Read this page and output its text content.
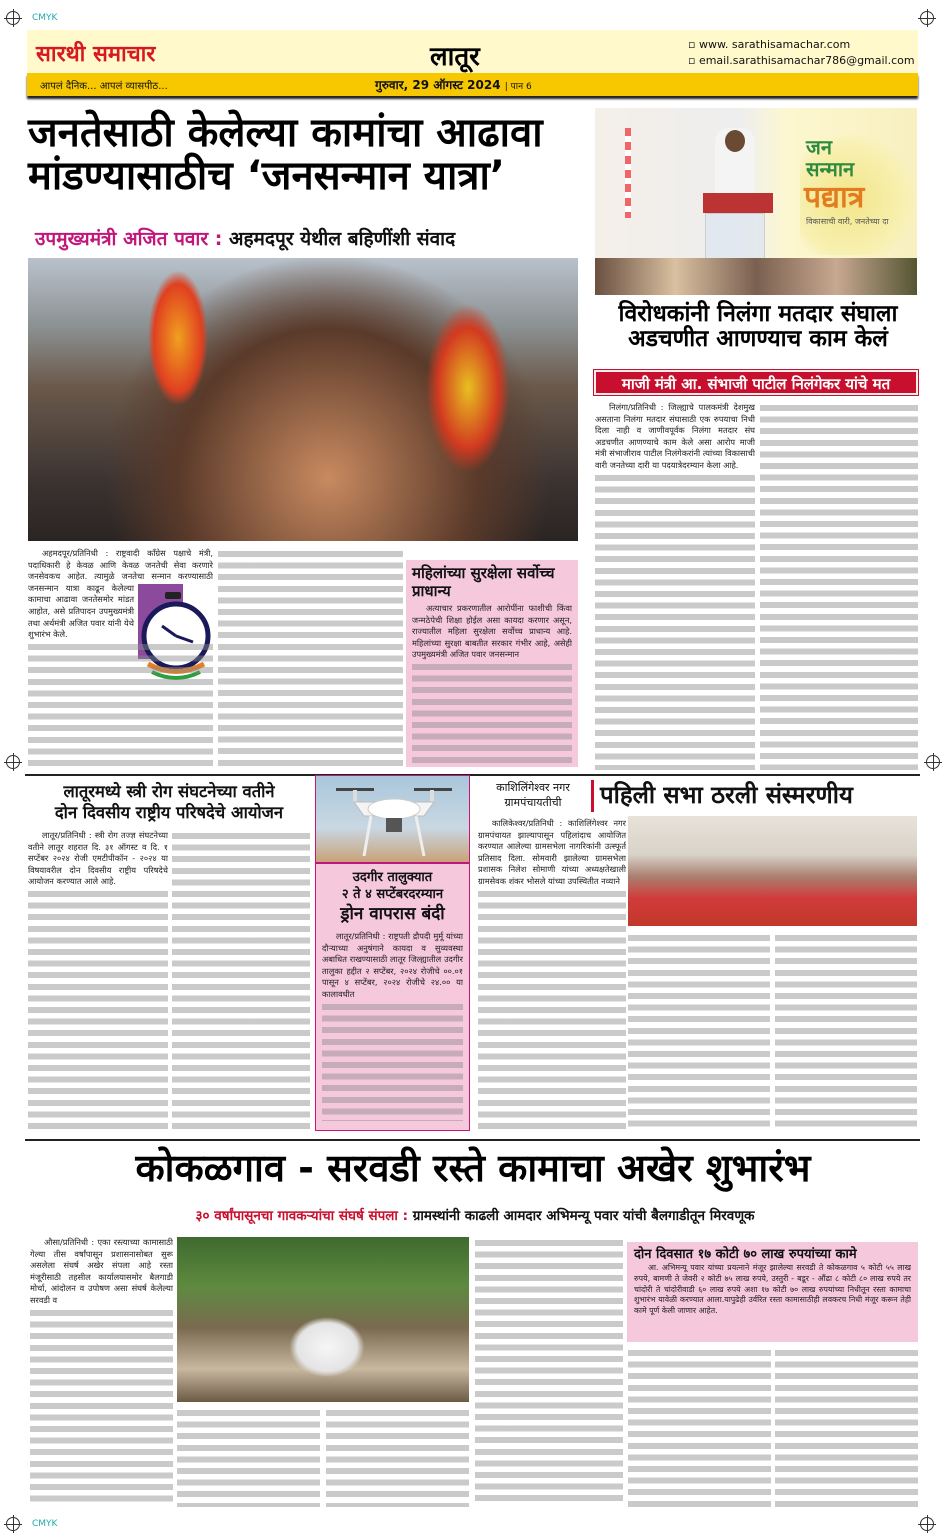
CMYK
CMYK
सारथी समाचार	लातूर	▫ www. sarathisamachar.com
▫ email.sarathisamachar786@gmail.com
आपलं दैनिक... आपलं व्यासपीठ...	गुरुवार, 29 ऑगस्ट 2024 | पान 6
जनतेसाठी केलेल्या कामांचा आढावा
मांडण्यासाठीच ‘जनसन्मान यात्रा’
उपमुख्यमंत्री अजित पवार : अहमदपूर येथील बहिणींशी संवाद

अहमदपूर/प्रतिनिधी : राष्ट्रवादी कॉंग्रेस पक्षाचे मंत्री, पदाधिकारी हे केवळ आणि केवळ जनतेची सेवा करणारे जनसेवकच आहेत. त्यामुळे जनतेचा सन्मान करण्यासाठी जनसन्मान यात्रा काढून केलेल्या कामाचा आढावा जनतेसमोर मांडत आहोत, असे प्रतिपादन उपमुख्यमंत्री तथा अर्थमंत्री अजित पवार यांनी येथे शुभारंभ केले.

महिलांच्या सुरक्षेला सर्वोच्च प्राधान्य

अत्याचार प्रकरणातील आरोपींना फाशीची किंवा जन्मठेपेची शिक्षा होईल असा कायदा करणार असून, राज्यातील महिला सुरक्षेला सर्वोच्च प्राधान्य आहे. महिलांच्या सुरक्षा बाबतीत सरकार गंभीर आहे, असेही उपमुख्यमंत्री अजित पवार जनसन्मान

जन
सन्मान
पद्यात्र
विकासाची वारी, जनतेच्या दा
विरोधकांनी निलंगा मतदार संघाला
अडचणीत आणण्याच काम केलं
माजी मंत्री आ. संभाजी पाटील निलंगेकर यांचे मत

निलंगा/प्रतिनिधी : जिल्ह्याचे पालकमंत्री देशमुख असताना निलंगा मतदार संघासाठी एक रुपयाचा निधी दिला नाही व जाणीवपूर्वक निलंगा मतदार संघ अडचणीत आणण्याचे काम केले असा आरोप माजी मंत्री संभाजीराव पाटील निलंगेकरांनी त्यांच्या विकासाची वारी जनतेच्या दारी या पदयात्रेदरम्यान केला आहे.

लातूरमध्ये स्त्री रोग संघटनेच्या वतीने
दोन दिवसीय राष्ट्रीय परिषदेचे आयोजन

लातूर/प्रतिनिधी : स्त्री रोग तज्ज्ञ संघटनेच्या वतीने लातूर शहरात दि. ३१ ऑगस्ट व दि. १ सप्टेंबर २०२४ रोजी एमटीपीकॉन - २०२४ या विषयावरील दोन दिवसीय राष्ट्रीय परिषदेचे आयोजन करण्यात आले आहे.	उदगीर तालुक्यात
२ ते ४ सप्टेंबरदरम्यान
ड्रोन वापरास बंदी

लातूर/प्रतिनिधी : राष्ट्रपती द्रौपदी मुर्मू यांच्या दौऱ्याच्या अनुषंगाने कायदा व सुव्यवस्था अबाधित राखण्यासाठी लातूर जिल्ह्यातील उदगीर तालुका हद्दीत २ सप्टेंबर, २०२४ रोजीचे ००.०१ पासून ४ सप्टेंबर, २०२४ रोजीचे २४.०० या कालावधीत

काशिलिंगेश्वर नगर
ग्रामपंचायतीची	पहिली सभा ठरली संस्मरणीय

कालिकेश्वर/प्रतिनिधी : काशिलिंगेश्वर नगर ग्रामपंचायत झाल्यापासून पहिलांदाच आयोजित करण्यात आलेल्या ग्रामसभेला नागरिकांनी उत्स्फूर्त प्रतिसाद दिला. सोमवारी झालेल्या ग्रामसभेला प्रशासक निलेश सोमाणी यांच्या अध्यक्षतेखाली ग्रामसेवक शंकर भोसले यांच्या उपस्थितीत नव्याने

कोकळगाव - सरवडी रस्ते कामाचा अखेर शुभारंभ
३० वर्षांपासूनचा गावकऱ्यांचा संघर्ष संपला : ग्रामस्थांनी काढली आमदार अभिमन्यू पवार यांची बैलगाडीतून मिरवणूक

औसा/प्रतिनिधी : एका रस्त्याच्या कामासाठी गेल्या तीस वर्षांपासून प्रशासनासोबत सुरू असलेला संघर्ष अखेर संपला आहे रस्ता मंजूरीसाठी तहसील कार्यालयासमोर बैलगाडी मोर्चा, आंदोलन व उपोषण असा संघर्ष केलेल्या सरवडी व

दोन दिवसात १७ कोटी ७० लाख रुपयांच्या कामे

आ. अभिमन्यू पवार यांच्या प्रयत्नाने मंजूर झालेल्या सरवडी ते कोकळगाव ५ कोटी ५५ लाख रुपये, बामणी ते जेवरी २ कोटी ७५ लाख रुपये, उस्तुरी - बडूर - औंढा ८ कोटी ८० लाख रुपये तर चांदोरी ते चांदोरीवाडी ६० लाख रुपये अशा १७ कोटी ७० लाख रुपयांच्या निधीतून रस्ता कामाचा शुभारंभ यावेळी करण्यात आला.यापुढेही उर्वरित रस्ता कामासाठीही लवकरच निधी मंजूर करून तेही कामे पूर्ण केली जाणार आहेत.
